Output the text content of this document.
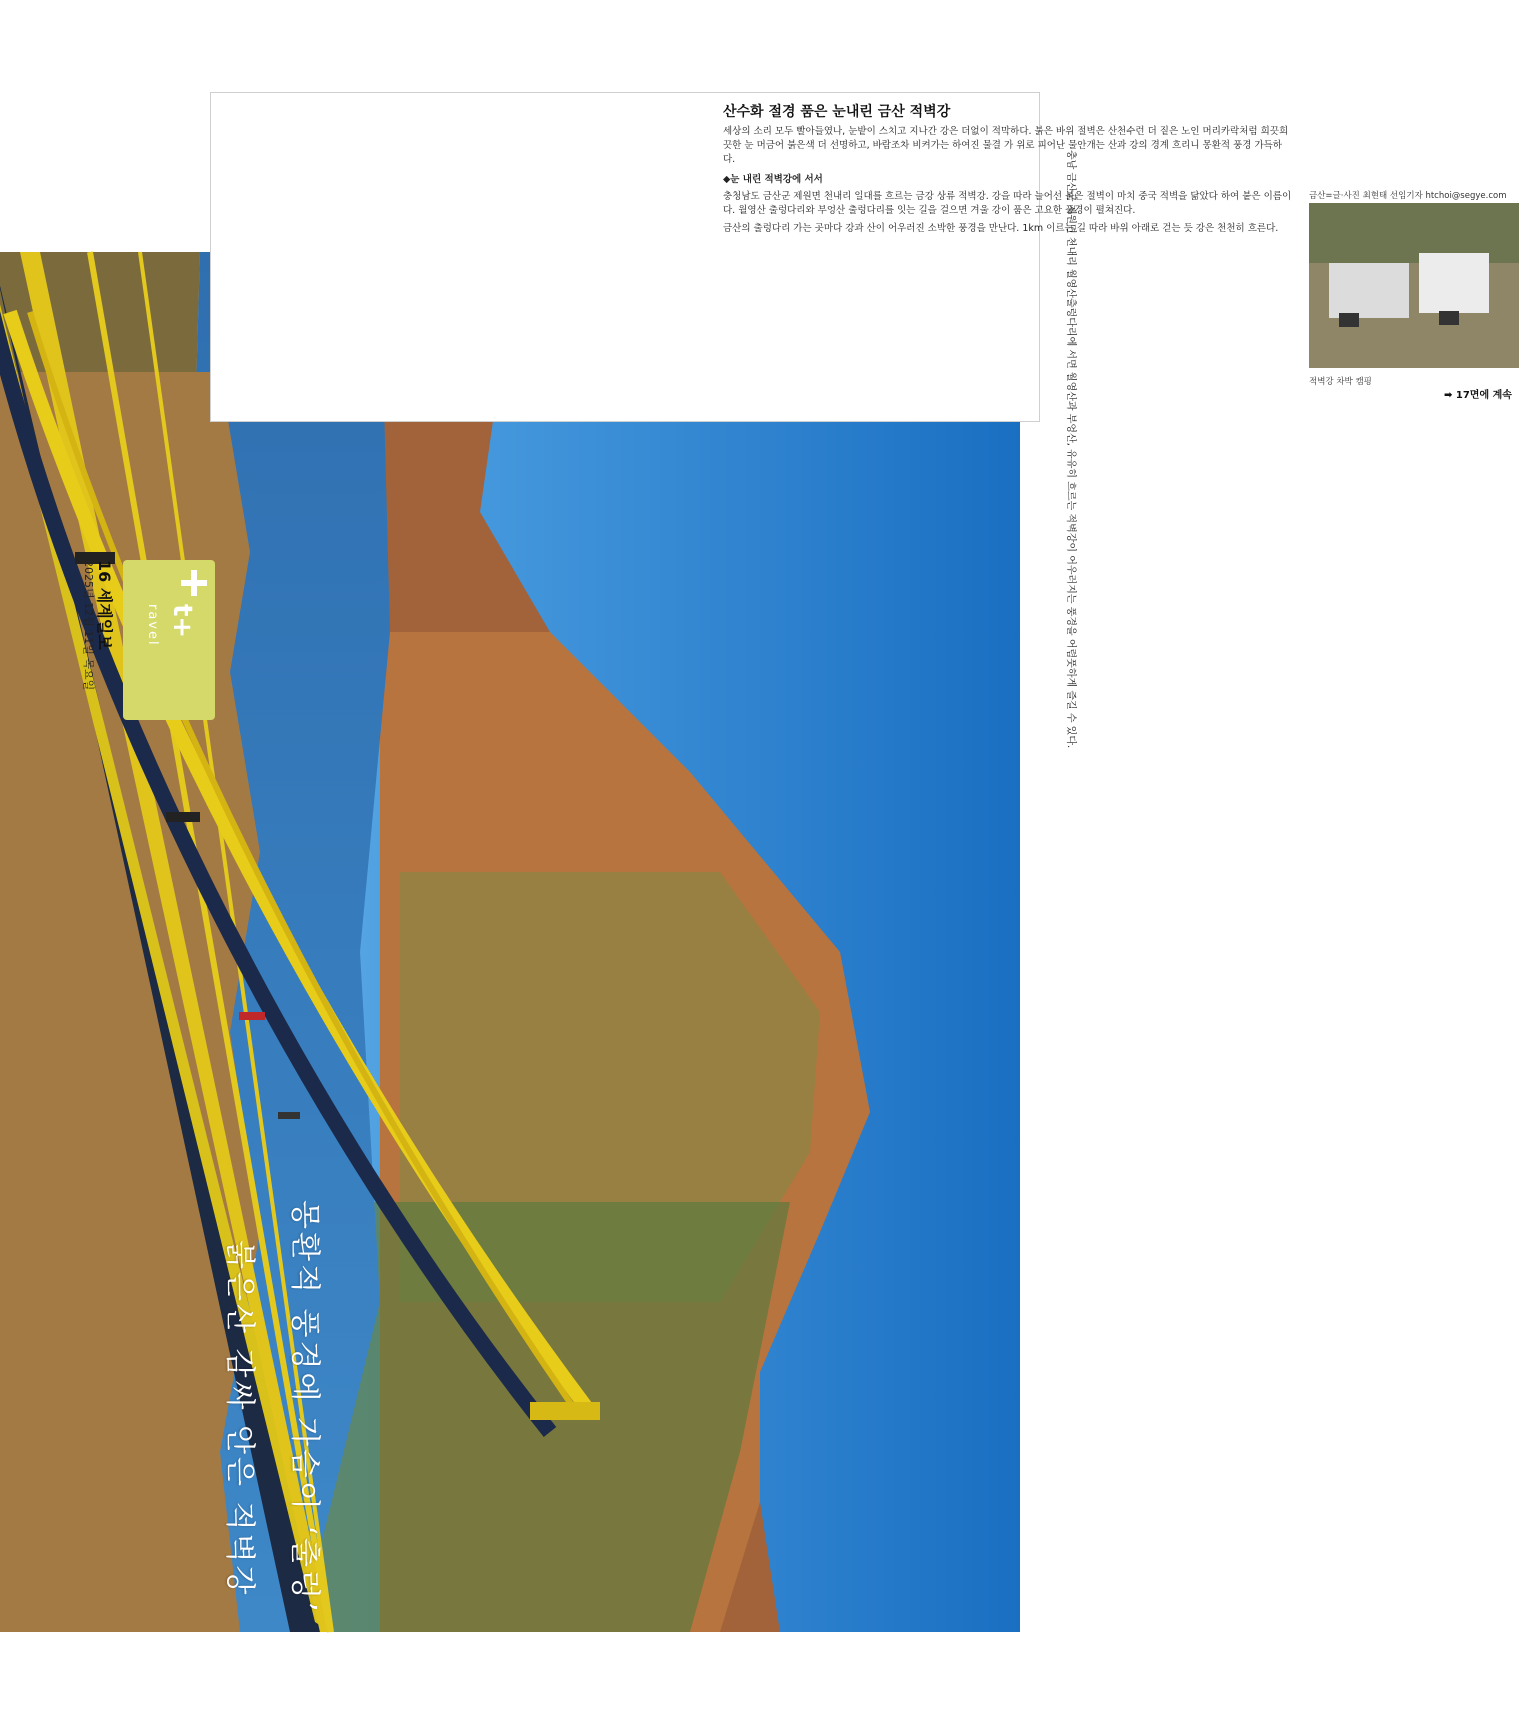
붉은산 감싸 안은 적벽강 몽환적 풍경에 가슴이 ‘출렁’
충남 금산군 제원면 천내리 월영산출렁다리에 서면 월영산과 부엉산, 유유히 흐르는 적벽강이 어우러지는 풍경을 어렴풋하게 즐길 수 있다.
t+
ravel
16 세계일보
2025년 12월 11일 목요일
산수화 절경 품은 눈내린 금산 적벽강
세상의 소리 모두 빨아들였나, 눈밭이 스치고 지나간 강은 더없이 적막하다. 붉은 바위 절벽은 산천수런 더 짙은 노인 머리카락처럼 희끗희끗한 눈 머금어 붉은색 더 선명하고, 바람조차 비켜가는 하여진 물결 가 위로 피어난 물안개는 산과 강의 경계 흐리니 몽환적 풍경 가득하다.
◆눈 내린 적벽강에 서서
충청남도 금산군 제원면 천내리 일대를 흐르는 금강 상류 적벽강. 강을 따라 늘어선 붉은 절벽이 마치 중국 적벽을 닮았다 하여 붙은 이름이다. 월영산 출렁다리와 부엉산 출렁다리를 잇는 길을 걸으면 겨울 강이 품은 고요한 풍경이 펼쳐진다.
금산의 출렁다리 가는 곳마다 강과 산이 어우러진 소박한 풍경을 만난다. 1km 이르는 길 따라 바위 아래로 걷는 듯 강은 천천히 흐른다.
금산=글·사진 최현태 선임기자 htchoi@segye.com
적벽강 차박 캠핑
➡ 17면에 계속
